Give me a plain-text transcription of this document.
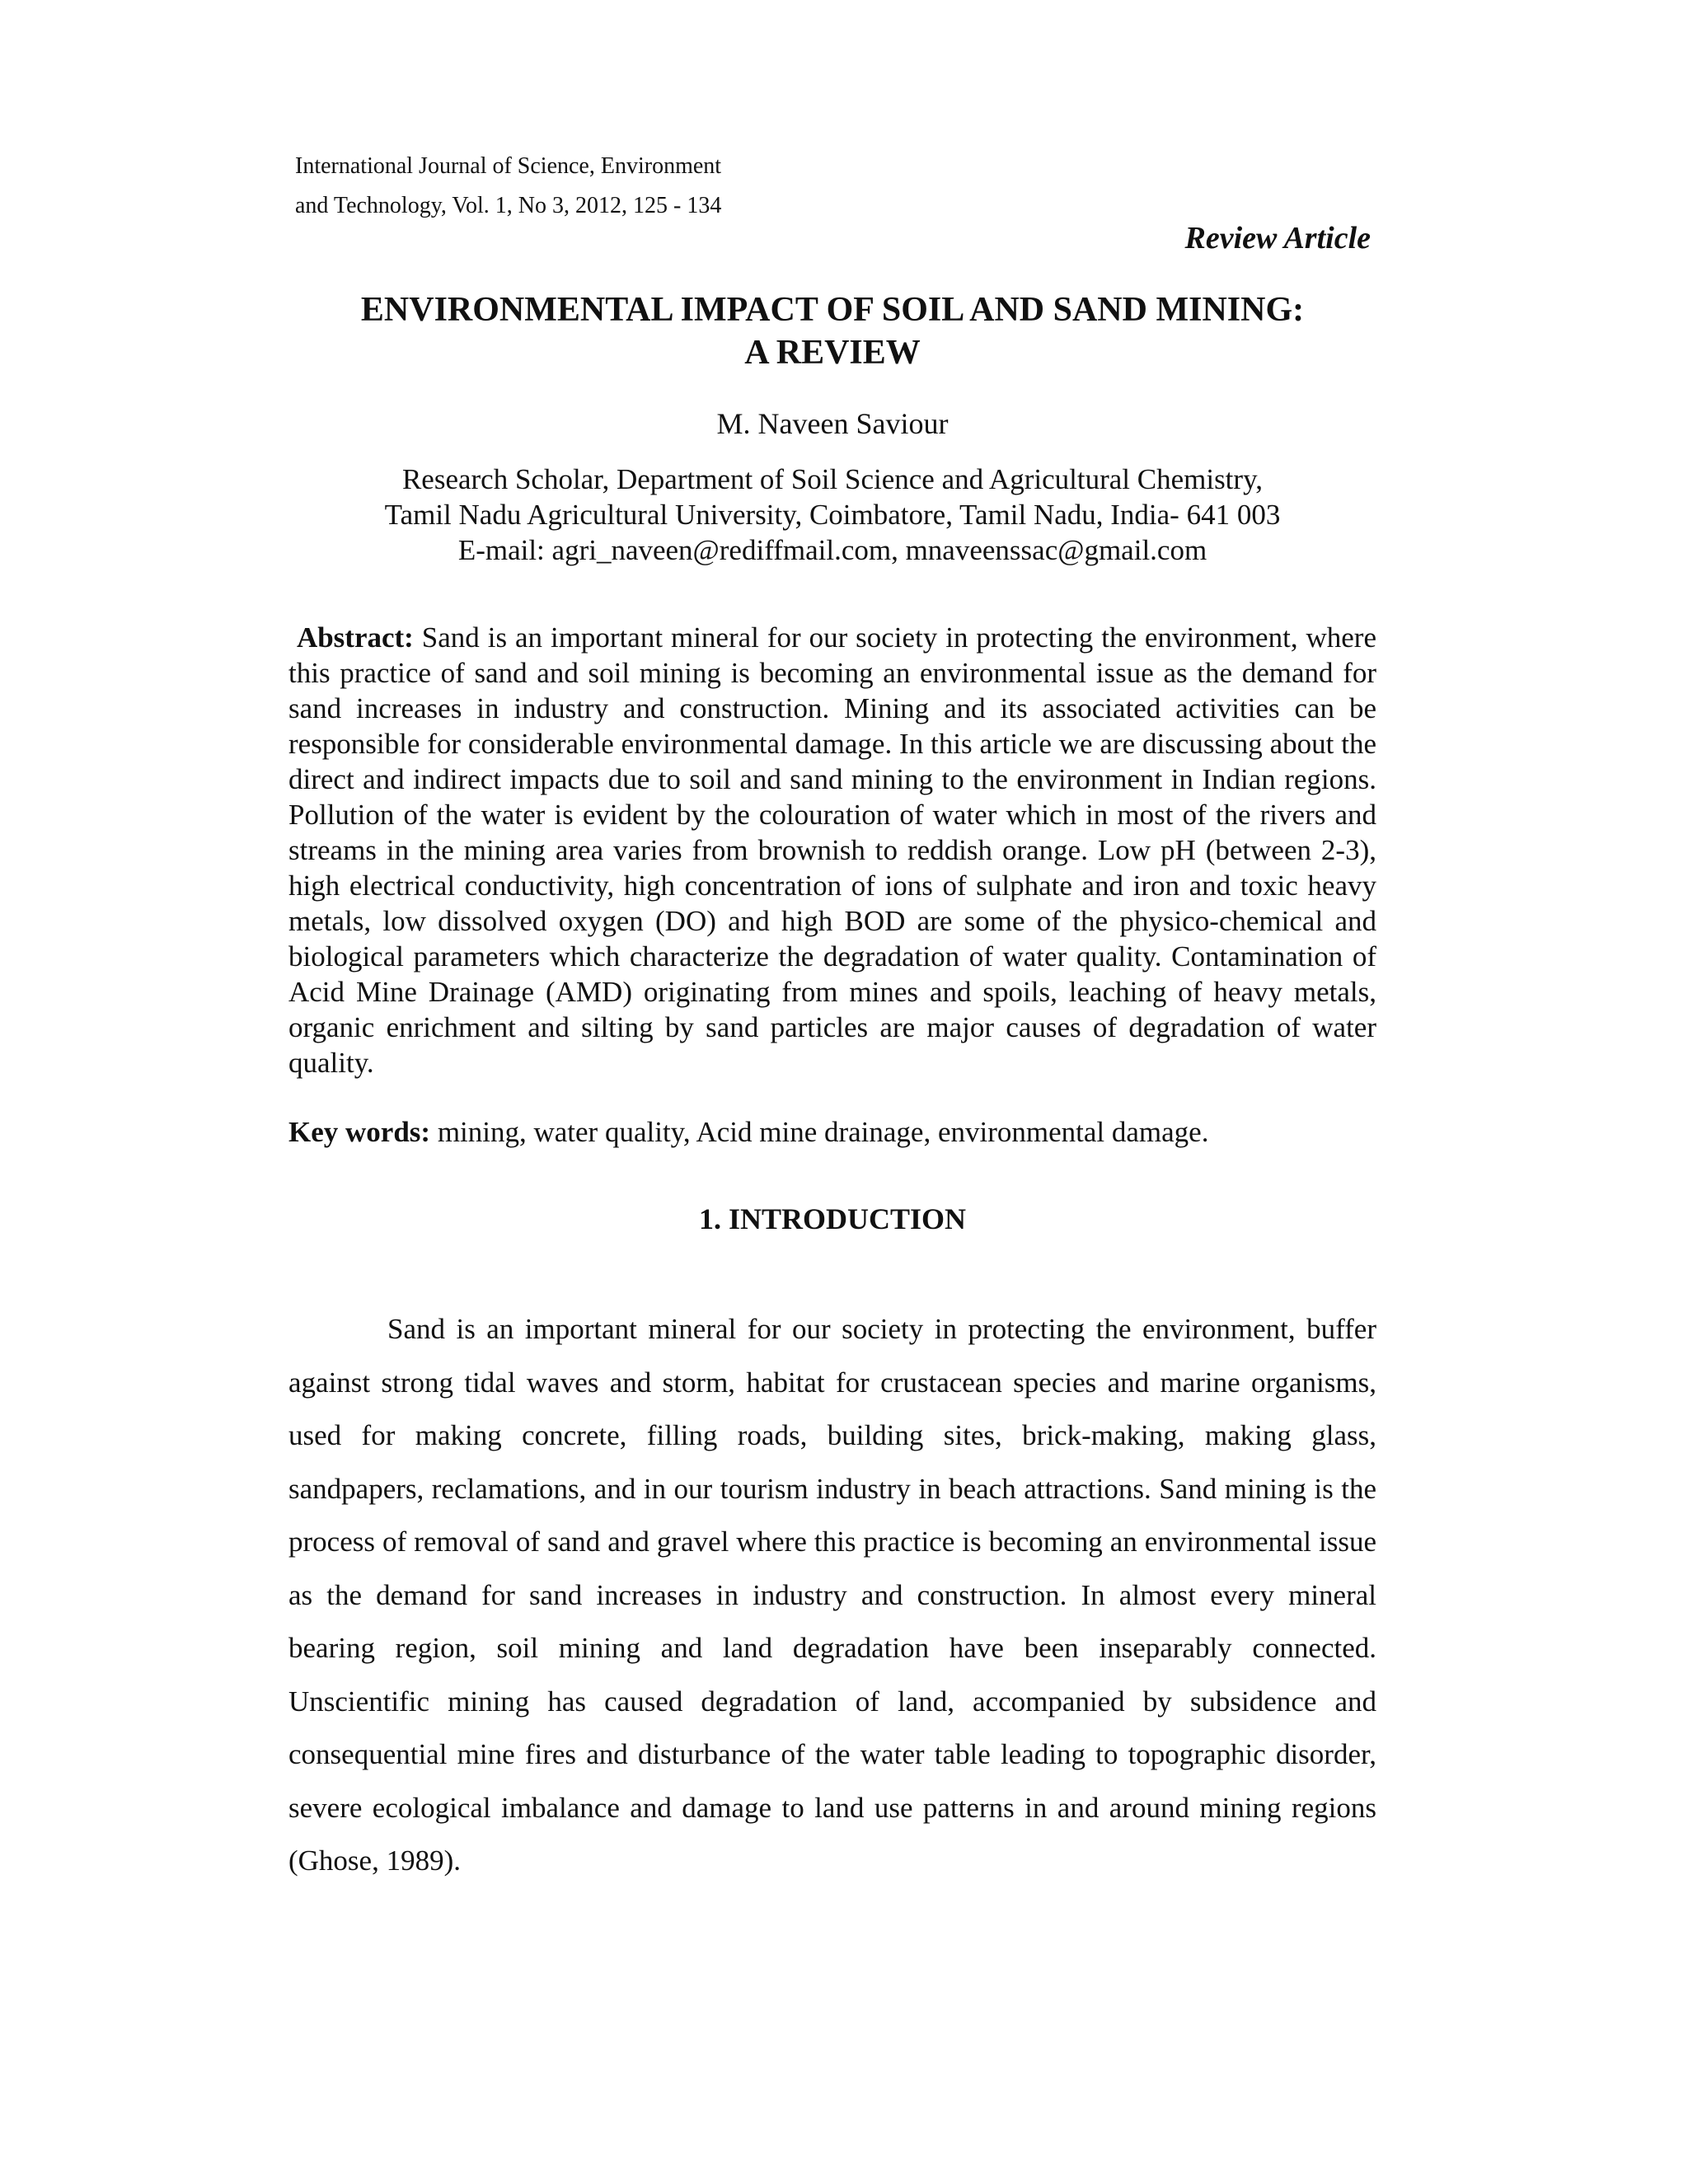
International Journal of Science, Environment
and Technology, Vol. 1, No 3, 2012, 125 - 134
Review Article
ENVIRONMENTAL IMPACT OF SOIL AND SAND MINING:
A REVIEW
M. Naveen Saviour
Research Scholar, Department of Soil Science and Agricultural Chemistry,
Tamil Nadu Agricultural University, Coimbatore, Tamil Nadu, India- 641 003
E-mail: agri_naveen@rediffmail.com, mnaveenssac@gmail.com

Abstract: Sand is an important mineral for our society in protecting the environment, where this practice of sand and soil mining is becoming an environmental issue as the demand for sand increases in industry and construction. Mining and its associated activities can be responsible for considerable environmental damage. In this article we are discussing about the direct and indirect impacts due to soil and sand mining to the environment in Indian regions. Pollution of the water is evident by the colouration of water which in most of the rivers and streams in the mining area varies from brownish to reddish orange. Low pH (between 2-3), high electrical conductivity, high concentration of ions of sulphate and iron and toxic heavy metals, low dissolved oxygen (DO) and high BOD are some of the physico-chemical and biological parameters which characterize the degradation of water quality. Contamination of Acid Mine Drainage (AMD) originating from mines and spoils, leaching of heavy metals, organic enrichment and silting by sand particles are major causes of degradation of water quality.

Key words: mining, water quality, Acid mine drainage, environmental damage.
1. INTRODUCTION

Sand is an important mineral for our society in protecting the environment, buffer against strong tidal waves and storm, habitat for crustacean species and marine organisms, used for making concrete, filling roads, building sites, brick-making, making glass, sandpapers, reclamations, and in our tourism industry in beach attractions. Sand mining is the process of removal of sand and gravel where this practice is becoming an environmental issue as the demand for sand increases in industry and construction. In almost every mineral bearing region, soil mining and land degradation have been inseparably connected. Unscientific mining has caused degradation of land, accompanied by subsidence and consequential mine fires and disturbance of the water table leading to topographic disorder, severe ecological imbalance and damage to land use patterns in and around mining regions (Ghose, 1989).
